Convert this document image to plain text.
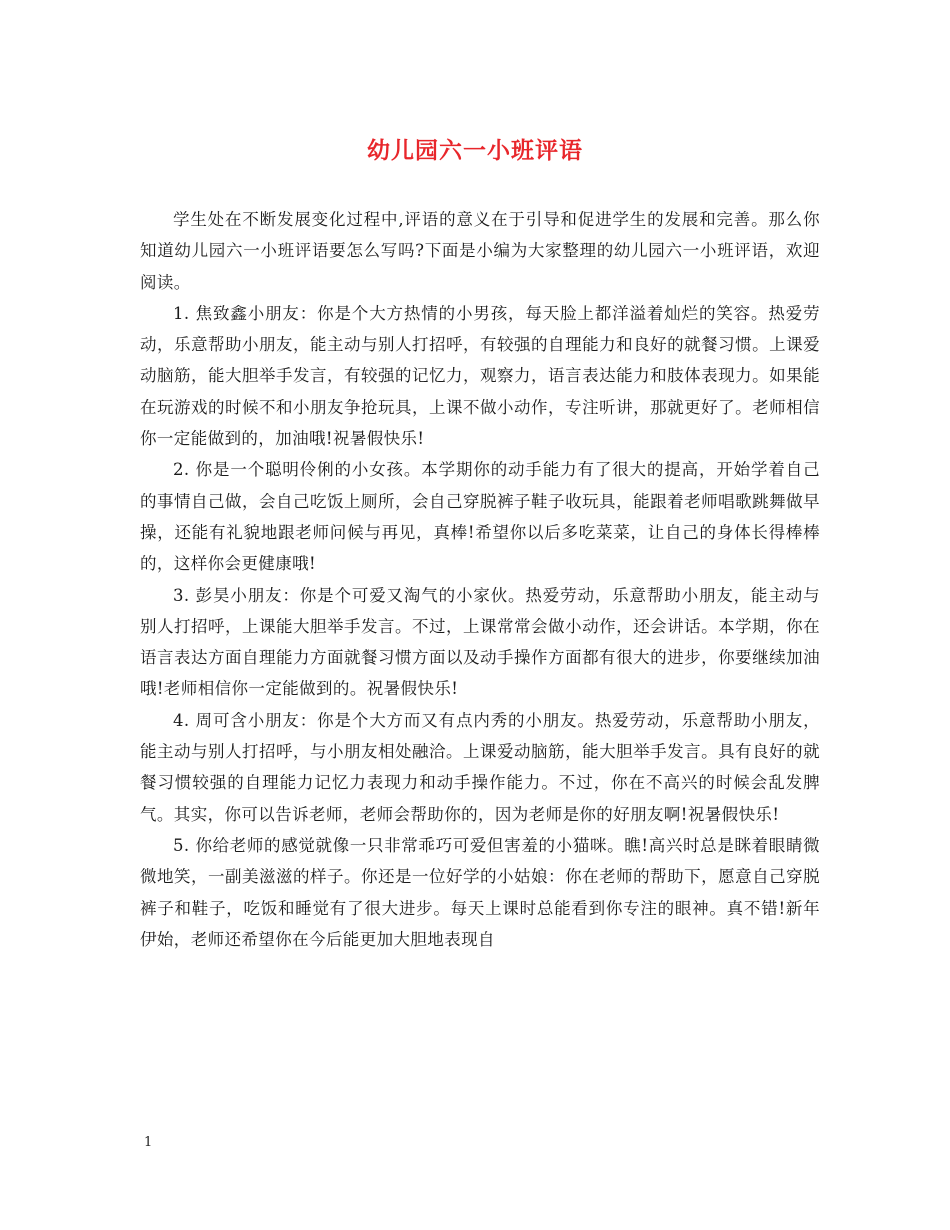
幼儿园六一小班评语

学生处在不断发展变化过程中,评语的意义在于引导和促进学生的发展和完善。那么你知道幼儿园六一小班评语要怎么写吗?下面是小编为大家整理的幼儿园六一小班评语，欢迎阅读。

1. 焦致鑫小朋友：你是个大方热情的小男孩，每天脸上都洋溢着灿烂的笑容。热爱劳动，乐意帮助小朋友，能主动与别人打招呼，有较强的自理能力和良好的就餐习惯。上课爱动脑筋，能大胆举手发言，有较强的记忆力，观察力，语言表达能力和肢体表现力。如果能在玩游戏的时候不和小朋友争抢玩具，上课不做小动作，专注听讲，那就更好了。老师相信你一定能做到的，加油哦!祝暑假快乐!

2. 你是一个聪明伶俐的小女孩。本学期你的动手能力有了很大的提高，开始学着自己的事情自己做，会自己吃饭上厕所，会自己穿脱裤子鞋子收玩具，能跟着老师唱歌跳舞做早操，还能有礼貌地跟老师问候与再见，真棒!希望你以后多吃菜菜，让自己的身体长得棒棒的，这样你会更健康哦!

3. 彭昊小朋友：你是个可爱又淘气的小家伙。热爱劳动，乐意帮助小朋友，能主动与别人打招呼，上课能大胆举手发言。不过，上课常常会做小动作，还会讲话。本学期，你在语言表达方面自理能力方面就餐习惯方面以及动手操作方面都有很大的进步，你要继续加油哦!老师相信你一定能做到的。祝暑假快乐!

4. 周可含小朋友：你是个大方而又有点内秀的小朋友。热爱劳动，乐意帮助小朋友，能主动与别人打招呼，与小朋友相处融洽。上课爱动脑筋，能大胆举手发言。具有良好的就餐习惯较强的自理能力记忆力表现力和动手操作能力。不过，你在不高兴的时候会乱发脾气。其实，你可以告诉老师，老师会帮助你的，因为老师是你的好朋友啊!祝暑假快乐!

5. 你给老师的感觉就像一只非常乖巧可爱但害羞的小猫咪。瞧!高兴时总是眯着眼睛微微地笑，一副美滋滋的样子。你还是一位好学的小姑娘：你在老师的帮助下，愿意自己穿脱裤子和鞋子，吃饭和睡觉有了很大进步。每天上课时总能看到你专注的眼神。真不错!新年伊始，老师还希望你在今后能更加大胆地表现自

1
